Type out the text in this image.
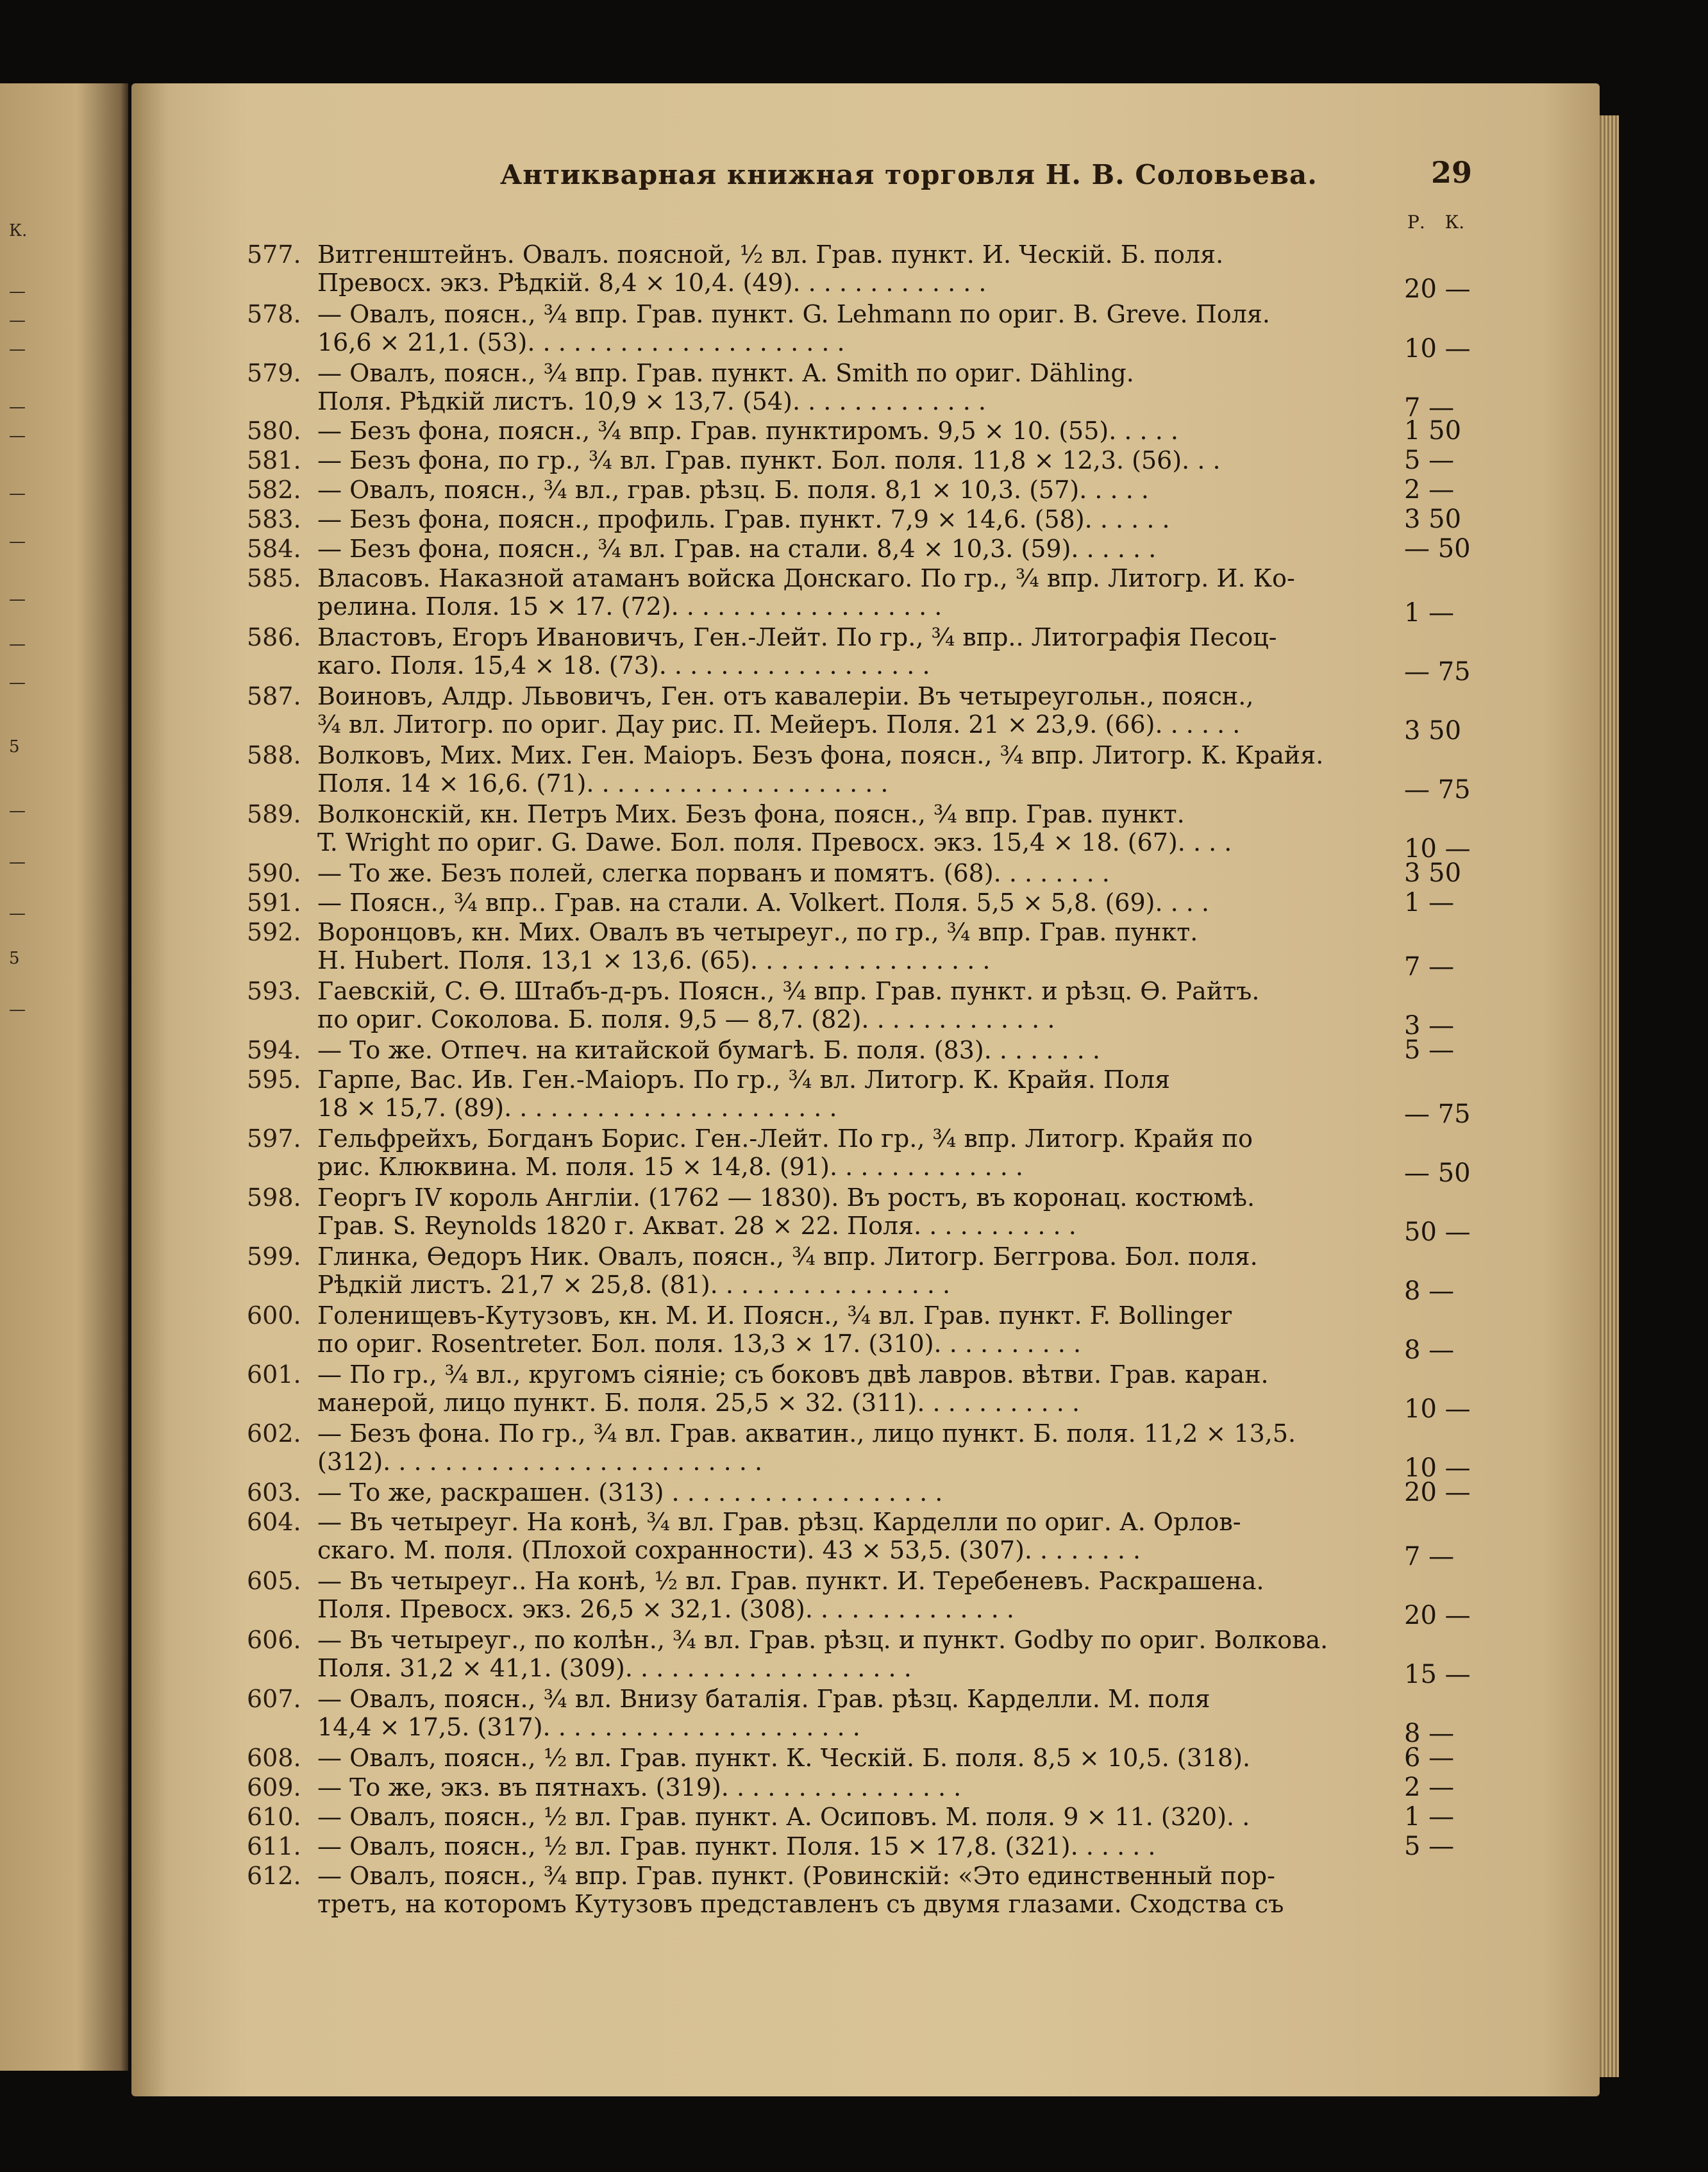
К.
—
—
—
—
—
—
—
—
—
—
5
—
—
—
5
—
Антикварная книжная торговля Н. В. Соловьева.	29
Р. К.
577. Витгенштейнъ. Овалъ. поясной, ½ вл. Грав. пункт. И. Ческій. Б. поля.
Превосх. экз. Рѣдкій. 8,4 × 10,4. (49). . . . . . . . . . . . .	20 —
578. — Овалъ, поясн., ¾ впр. Грав. пункт. G. Lehmann по ориг. B. Greve. Поля.
16,6 × 21,1. (53). . . . . . . . . . . . . . . . . . . . .	10 —
579. — Овалъ, поясн., ¾ впр. Грав. пункт. A. Smith по ориг. Dähling.
Поля. Рѣдкій листъ. 10,9 × 13,7. (54). . . . . . . . . . . . .	7 —
580. — Безъ фона, поясн., ¾ впр. Грав. пунктиромъ. 9,5 × 10. (55). . . . .	1 50
581. — Безъ фона, по гр., ¾ вл. Грав. пункт. Бол. поля. 11,8 × 12,3. (56). . .	5 —
582. — Овалъ, поясн., ¾ вл., грав. рѣзц. Б. поля. 8,1 × 10,3. (57). . . . .	2 —
583. — Безъ фона, поясн., профиль. Грав. пункт. 7,9 × 14,6. (58). . . . . .	3 50
584. — Безъ фона, поясн., ¾ вл. Грав. на стали. 8,4 × 10,3. (59). . . . . .	— 50
585. Власовъ. Наказной атаманъ войска Донскаго. По гр., ¾ впр. Литогр. И. Ко-
релина. Поля. 15 × 17. (72). . . . . . . . . . . . . . . . . .	1 —
586. Властовъ, Егоръ Ивановичъ, Ген.-Лейт. По гр., ¾ впр.. Литографія Песоц-
каго. Поля. 15,4 × 18. (73). . . . . . . . . . . . . . . . . .	— 75
587. Воиновъ, Алдр. Львовичъ, Ген. отъ кавалеріи. Въ четыреугольн., поясн.,
¾ вл. Литогр. по ориг. Дау рис. П. Мейеръ. Поля. 21 × 23,9. (66). . . . . .	3 50
588. Волковъ, Мих. Мих. Ген. Маіоръ. Безъ фона, поясн., ¾ впр. Литогр. К. Крайя.
Поля. 14 × 16,6. (71). . . . . . . . . . . . . . . . . . . .	— 75
589. Волконскій, кн. Петръ Мих. Безъ фона, поясн., ¾ впр. Грав. пункт.
T. Wright по ориг. G. Dawe. Бол. поля. Превосх. экз. 15,4 × 18. (67). . . .	10 —
590. — То же. Безъ полей, слегка порванъ и помятъ. (68). . . . . . . .	3 50
591. — Поясн., ¾ впр.. Грав. на стали. A. Volkert. Поля. 5,5 × 5,8. (69). . . .	1 —
592. Воронцовъ, кн. Мих. Овалъ въ четыреуг., по гр., ¾ впр. Грав. пункт.
H. Hubert. Поля. 13,1 × 13,6. (65). . . . . . . . . . . . . . . .	7 —
593. Гаевскій, С. Ѳ. Штабъ-д-ръ. Поясн., ¾ впр. Грав. пункт. и рѣзц. Ѳ. Райтъ.
по ориг. Соколова. Б. поля. 9,5 — 8,7. (82). . . . . . . . . . . . .	3 —
594. — То же. Отпеч. на китайской бумагѣ. Б. поля. (83). . . . . . . .	5 —
595. Гарпе, Вас. Ив. Ген.-Маіоръ. По гр., ¾ вл. Литогр. К. Крайя. Поля
18 × 15,7. (89). . . . . . . . . . . . . . . . . . . . . .	— 75
597. Гельфрейхъ, Богданъ Борис. Ген.-Лейт. По гр., ¾ впр. Литогр. Крайя по
рис. Клюквина. М. поля. 15 × 14,8. (91). . . . . . . . . . . . .	— 50
598. Георгъ IV король Англіи. (1762 — 1830). Въ ростъ, въ коронац. костюмѣ.
Грав. S. Reynolds 1820 г. Акват. 28 × 22. Поля. . . . . . . . . . .	50 —
599. Глинка, Ѳедоръ Ник. Овалъ, поясн., ¾ впр. Литогр. Беггрова. Бол. поля.
Рѣдкій листъ. 21,7 × 25,8. (81). . . . . . . . . . . . . . . .	8 —
600. Голенищевъ-Кутузовъ, кн. М. И. Поясн., ¾ вл. Грав. пункт. F. Bollinger
по ориг. Rosentreter. Бол. поля. 13,3 × 17. (310). . . . . . . . . .	8 —
601. — По гр., ¾ вл., кругомъ сіяніе; съ боковъ двѣ лавров. вѣтви. Грав. каран.
манерой, лицо пункт. Б. поля. 25,5 × 32. (311). . . . . . . . . . .	10 —
602. — Безъ фона. По гр., ¾ вл. Грав. акватин., лицо пункт. Б. поля. 11,2 × 13,5.
(312). . . . . . . . . . . . . . . . . . . . . . . . .	10 —
603. — То же, раскрашен. (313) . . . . . . . . . . . . . . . . . .	20 —
604. — Въ четыреуг. На конѣ, ¾ вл. Грав. рѣзц. Карделли по ориг. А. Орлов-
скаго. М. поля. (Плохой сохранности). 43 × 53,5. (307). . . . . . . .	7 —
605. — Въ четыреуг.. На конѣ, ½ вл. Грав. пункт. И. Теребеневъ. Раскрашена.
Поля. Превосх. экз. 26,5 × 32,1. (308). . . . . . . . . . . . . .	20 —
606. — Въ четыреуг., по колѣн., ¾ вл. Грав. рѣзц. и пункт. Godby по ориг. Волкова.
Поля. 31,2 × 41,1. (309). . . . . . . . . . . . . . . . . . .	15 —
607. — Овалъ, поясн., ¾ вл. Внизу баталія. Грав. рѣзц. Карделли. М. поля
14,4 × 17,5. (317). . . . . . . . . . . . . . . . . . . . .	8 —
608. — Овалъ, поясн., ½ вл. Грав. пункт. К. Ческій. Б. поля. 8,5 × 10,5. (318).	6 —
609. — То же, экз. въ пятнахъ. (319). . . . . . . . . . . . . . . .	2 —
610. — Овалъ, поясн., ½ вл. Грав. пункт. А. Осиповъ. М. поля. 9 × 11. (320). .	1 —
611. — Овалъ, поясн., ½ вл. Грав. пункт. Поля. 15 × 17,8. (321). . . . . .	5 —
612. — Овалъ, поясн., ¾ впр. Грав. пункт. (Ровинскій: «Это единственный пор-
третъ, на которомъ Кутузовъ представленъ съ двумя глазами. Сходства съ
